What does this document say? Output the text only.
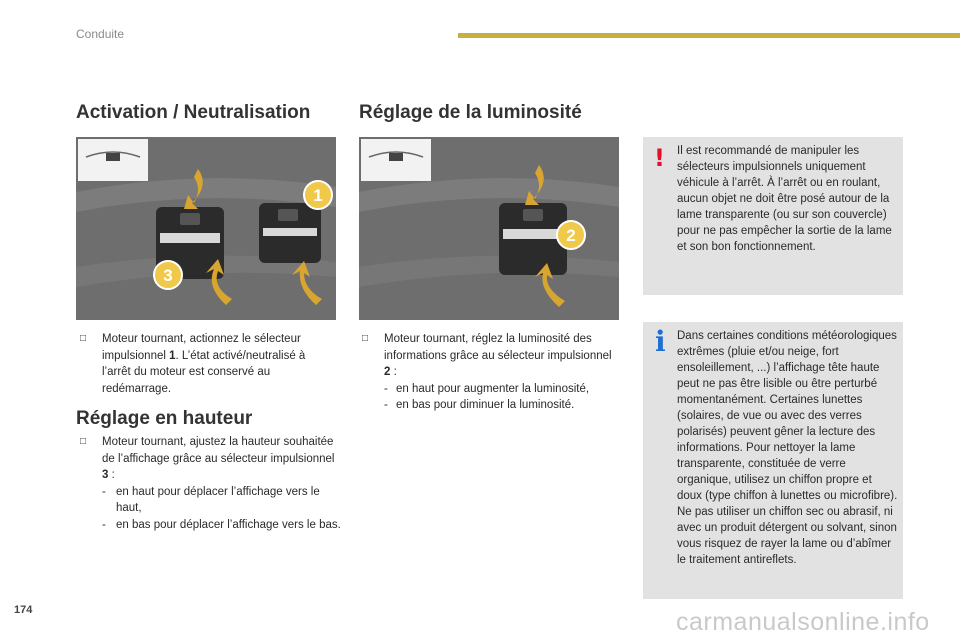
Conduite
Activation / Neutralisation	Réglage de la luminosité
1
3
2
□ Moteur tournant, actionnez le sélecteur impulsionnel 1. L’état activé/neutralisé à l’arrêt du moteur est conservé au redémarrage.
Réglage en hauteur
□ Moteur tournant, ajustez la hauteur souhaitée de l’affichage grâce au sélecteur impulsionnel 3 :
- en haut pour déplacer l’affichage vers le haut,
- en bas pour déplacer l’affichage vers le bas.
□ Moteur tournant, réglez la luminosité des informations grâce au sélecteur impulsionnel 2 :
- en haut pour augmenter la luminosité,
- en bas pour diminuer la luminosité.
! Il est recommandé de manipuler les sélecteurs impulsionnels uniquement véhicule à l’arrêt. À l’arrêt ou en roulant, aucun objet ne doit être posé autour de la lame transparente (ou sur son couvercle) pour ne pas empêcher la sortie de la lame et son bon fonctionnement.
i Dans certaines conditions météorologiques extrêmes (pluie et/ou neige, fort ensoleillement, ...) l’affichage tête haute peut ne pas être lisible ou être perturbé momentanément. Certaines lunettes (solaires, de vue ou avec des verres polarisés) peuvent gêner la lecture des informations. Pour nettoyer la lame transparente, constituée de verre organique, utilisez un chiffon propre et doux (type chiffon à lunettes ou microfibre). Ne pas utiliser un chiffon sec ou abrasif, ni avec un produit détergent ou solvant, sinon vous risquez de rayer la lame ou d’abîmer le traitement antireflets.
174	carmanualsonline.info
